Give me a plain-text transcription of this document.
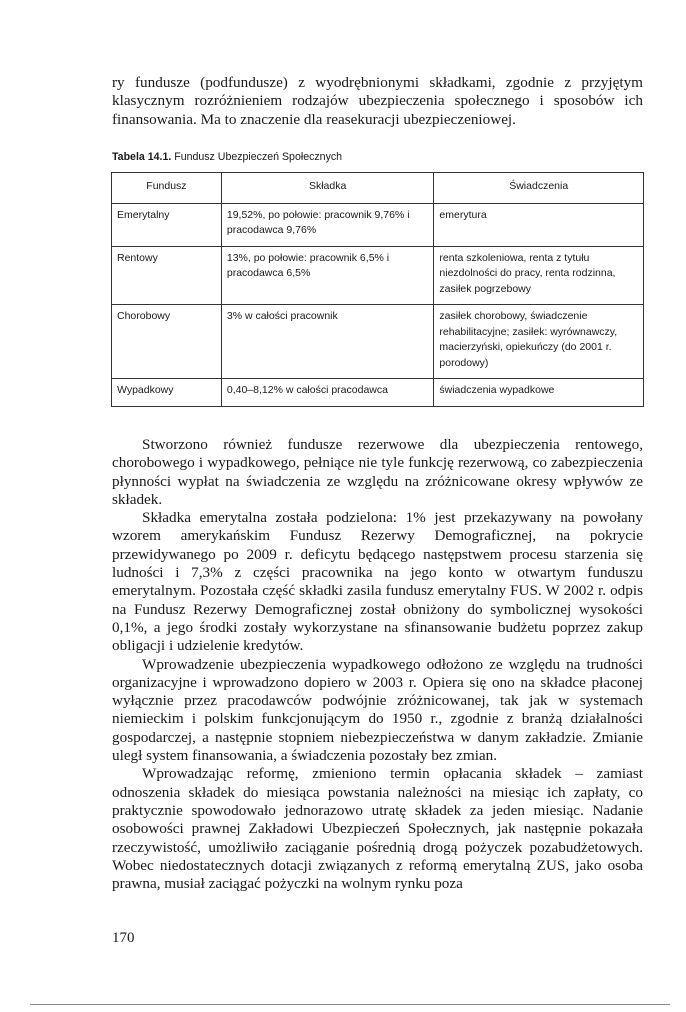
ry fundusze (podfundusze) z wyodrębnionymi składkami, zgodnie z przyjętym klasycznym rozróżnieniem rodzajów ubezpieczenia społecznego i sposobów ich finansowania. Ma to znaczenie dla reasekuracji ubezpieczeniowej.

Tabela 14.1. Fundusz Ubezpieczeń Społecznych
Fundusz	Składka	Świadczenia
Emerytalny	19,52%, po połowie: pracownik 9,76% i pracodawca 9,76%	emerytura
Rentowy	13%, po połowie: pracownik 6,5% i pracodawca 6,5%	renta szkoleniowa, renta z tytułu niezdolności do pracy, renta rodzinna, zasiłek pogrzebowy
Chorobowy	3% w całości pracownik	zasiłek chorobowy, świadczenie rehabilitacyjne; zasiłek: wyrównawczy, macierzyński, opiekuńczy (do 2001 r. porodowy)
Wypadkowy	0,40–8,12% w całości pracodawca	świadczenia wypadkowe

Stworzono również fundusze rezerwowe dla ubezpieczenia rentowego, chorobowego i wypadkowego, pełniące nie tyle funkcję rezerwową, co zabezpieczenia płynności wypłat na świadczenia ze względu na zróżnicowane okresy wpływów ze składek.

Składka emerytalna została podzielona: 1% jest przekazywany na powołany wzorem amerykańskim Fundusz Rezerwy Demograficznej, na pokrycie przewidywanego po 2009 r. deficytu będącego następstwem procesu starzenia się ludności i 7,3% z części pracownika na jego konto w otwartym funduszu emerytalnym. Pozostała część składki zasila fundusz emerytalny FUS. W 2002 r. odpis na Fundusz Rezerwy Demograficznej został obniżony do symbolicznej wysokości 0,1%, a jego środki zostały wykorzystane na sfinansowanie budżetu poprzez zakup obligacji i udzielenie kredytów.

Wprowadzenie ubezpieczenia wypadkowego odłożono ze względu na trudności organizacyjne i wprowadzono dopiero w 2003 r. Opiera się ono na składce płaconej wyłącznie przez pracodawców podwójnie zróżnicowanej, tak jak w systemach niemieckim i polskim funkcjonującym do 1950 r., zgodnie z branżą działalności gospodarczej, a następnie stopniem niebezpieczeństwa w danym zakładzie. Zmianie uległ system finansowania, a świadczenia pozostały bez zmian.

Wprowadzając reformę, zmieniono termin opłacania składek – zamiast odnoszenia składek do miesiąca powstania należności na miesiąc ich zapłaty, co praktycznie spowodowało jednorazowo utratę składek za jeden miesiąc. Nadanie osobowości prawnej Zakładowi Ubezpieczeń Społecznych, jak następnie pokazała rzeczywistość, umożliwiło zaciąganie pośrednią drogą pożyczek pozabudżetowych. Wobec niedostatecznych dotacji związanych z reformą emerytalną ZUS, jako osoba prawna, musiał zaciągać pożyczki na wolnym rynku poza

170
